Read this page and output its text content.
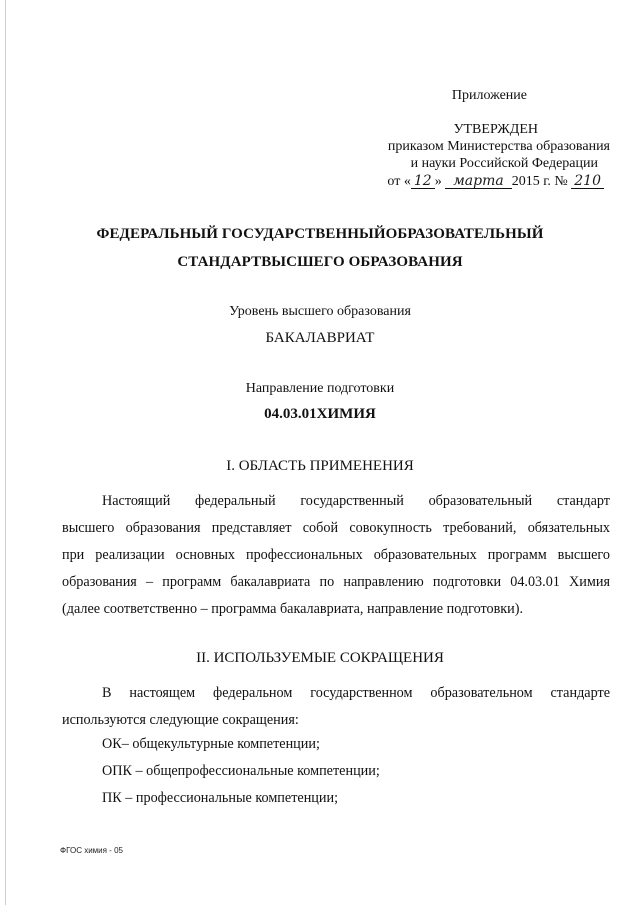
Приложение
УТВЕРЖДЕН
приказом Министерства образования
и науки Российской Федерации
от « 12 » марта 2015 г. № 210
ФЕДЕРАЛЬНЫЙ ГОСУДАРСТВЕННЫЙОБРАЗОВАТЕЛЬНЫЙ
СТАНДАРТВЫСШЕГО ОБРАЗОВАНИЯ
Уровень высшего образования
БАКАЛАВРИАТ
Направление подготовки
04.03.01ХИМИЯ
I. ОБЛАСТЬ ПРИМЕНЕНИЯ
Настоящий федеральный государственный образовательный стандарт
высшего образования представляет собой совокупность требований, обязательных
при реализации основных профессиональных образовательных программ высшего
образования – программ бакалавриата по направлению подготовки 04.03.01 Химия
(далее соответственно – программа бакалавриата, направление подготовки).
II. ИСПОЛЬЗУЕМЫЕ СОКРАЩЕНИЯ
В настоящем федеральном государственном образовательном стандарте
используются следующие сокращения:
ОК– общекультурные компетенции;
ОПК – общепрофессиональные компетенции;
ПК – профессиональные компетенции;
ФГОС химия - 05
